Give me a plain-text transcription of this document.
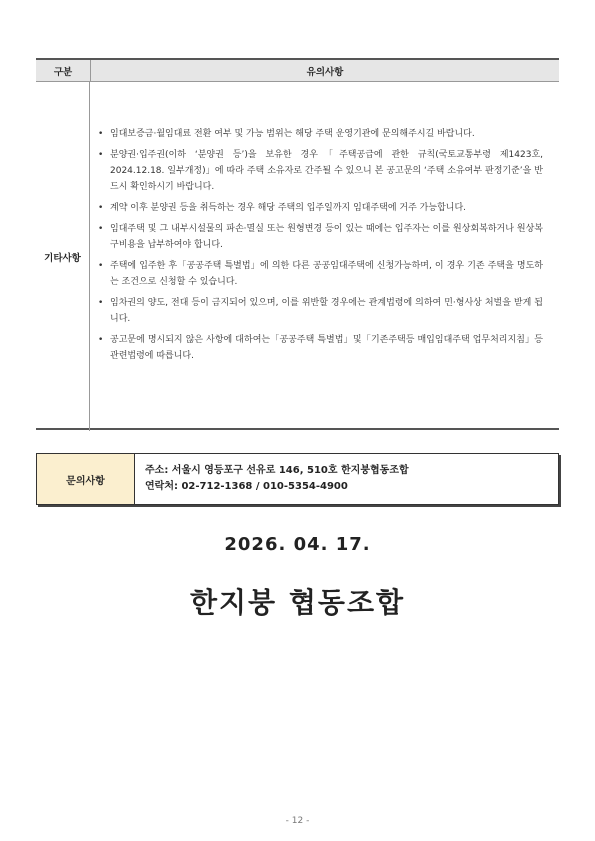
구분	유의사항
기타사항
• 임대보증금·월임대료 전환 여부 및 가능 범위는 해당 주택 운영기관에 문의해주시길 바랍니다.
• 분양권·입주권(이하 ‘분양권 등’)을 보유한 경우「주택공급에 관한 규칙(국토교통부령 제1423호, 2024.12.18. 일부개정)」에 따라 주택 소유자로 간주될 수 있으니 본 공고문의 ‘주택 소유여부 판정기준’을 반드시 확인하시기 바랍니다.
• 계약 이후 분양권 등을 취득하는 경우 해당 주택의 입주일까지 임대주택에 거주 가능합니다.
• 임대주택 및 그 내부시설물의 파손·멸실 또는 원형변경 등이 있는 때에는 입주자는 이를 원상회복하거나 원상복구비용을 납부하여야 합니다.
• 주택에 입주한 후「공공주택 특별법」에 의한 다른 공공임대주택에 신청가능하며, 이 경우 기존 주택을 명도하는 조건으로 신청할 수 있습니다.
• 임차권의 양도, 전대 등이 금지되어 있으며, 이를 위반할 경우에는 관계법령에 의하여 민·형사상 처벌을 받게 됩니다.
• 공고문에 명시되지 않은 사항에 대하여는「공공주택 특별법」및「기존주택등 매입임대주택 업무처리지침」등 관련법령에 따릅니다.
문의사항
주소: 서울시 영등포구 선유로 146, 510호 한지붕협동조합
연락처: 02-712-1368 / 010-5354-4900
2026. 04. 17.
한지붕 협동조합
- 12 -
